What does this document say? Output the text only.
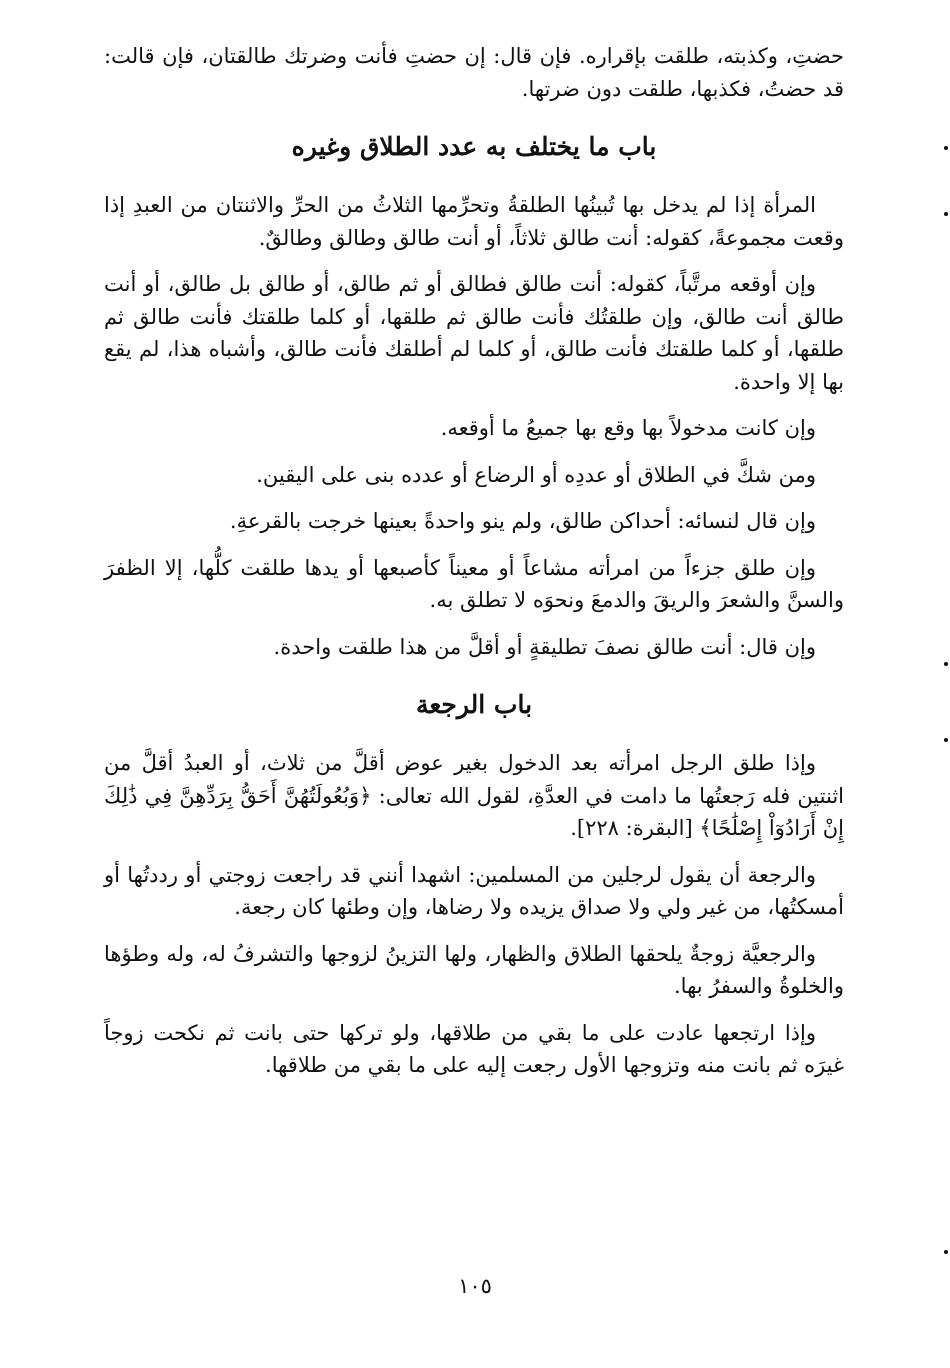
حضتِ، وكذبته، طلقت بإقراره. فإن قال: إن حضتِ فأنت وضرتك طالقتان، فإن قالت: قد حضتُ، فكذبها، طلقت دون ضرتها.

باب ما يختلف به عدد الطلاق وغيره

المرأة إذا لم يدخل بها تُبينُها الطلقةُ وتحرِّمها الثلاثُ من الحرِّ والاثنتان من العبدِ إذا وقعت مجموعةً، كقوله: أنت طالق ثلاثاً، أو أنت طالق وطالق وطالقٌ.

وإن أوقعه مرتَّباً، كقوله: أنت طالق فطالق أو ثم طالق، أو طالق بل طالق، أو أنت طالق أنت طالق، وإن طلقتُك فأنت طالق ثم طلقها، أو كلما طلقتك فأنت طالق ثم طلقها، أو كلما طلقتك فأنت طالق، أو كلما لم أطلقك فأنت طالق، وأشباه هذا، لم يقع بها إلا واحدة.

وإن كانت مدخولاً بها وقع بها جميعُ ما أوقعه.

ومن شكَّ في الطلاق أو عددِه أو الرضاع أو عدده بنى على اليقين.

وإن قال لنسائه: أحداكن طالق، ولم ينو واحدةً بعينها خرجت بالقرعةِ.

وإن طلق جزءاً من امرأته مشاعاً أو معيناً كأصبعها أو يدها طلقت كلُّها، إلا الظفرَ والسنَّ والشعرَ والريقَ والدمعَ ونحوَه لا تطلق به.

وإن قال: أنت طالق نصفَ تطليقةٍ أو أقلَّ من هذا طلقت واحدة.

باب الرجعة

وإذا طلق الرجل امرأته بعد الدخول بغير عوض أقلَّ من ثلاث، أو العبدُ أقلَّ من اثنتين فله رَجعتُها ما دامت في العدَّةِ، لقول الله تعالى: ﴿وَبُعُولَتُهُنَّ أَحَقُّ بِرَدِّهِنَّ فِي ذَٰلِكَ إِنْ أَرَادُوٓاْ إِصْلَٰحًا﴾ [البقرة: ٢٢٨].

والرجعة أن يقول لرجلين من المسلمين: اشهدا أنني قد راجعت زوجتي أو رددتُها أو أمسكتُها، من غير ولي ولا صداق يزيده ولا رضاها، وإن وطئها كان رجعة.

والرجعيَّة زوجةٌ يلحقها الطلاق والظهار، ولها التزينُ لزوجها والتشرفُ له، وله وطؤها والخلوةُ والسفرُ بها.

وإذا ارتجعها عادت على ما بقي من طلاقها، ولو تركها حتى بانت ثم نكحت زوجاً غيرَه ثم بانت منه وتزوجها الأول رجعت إليه على ما بقي من طلاقها.

١٠٥
